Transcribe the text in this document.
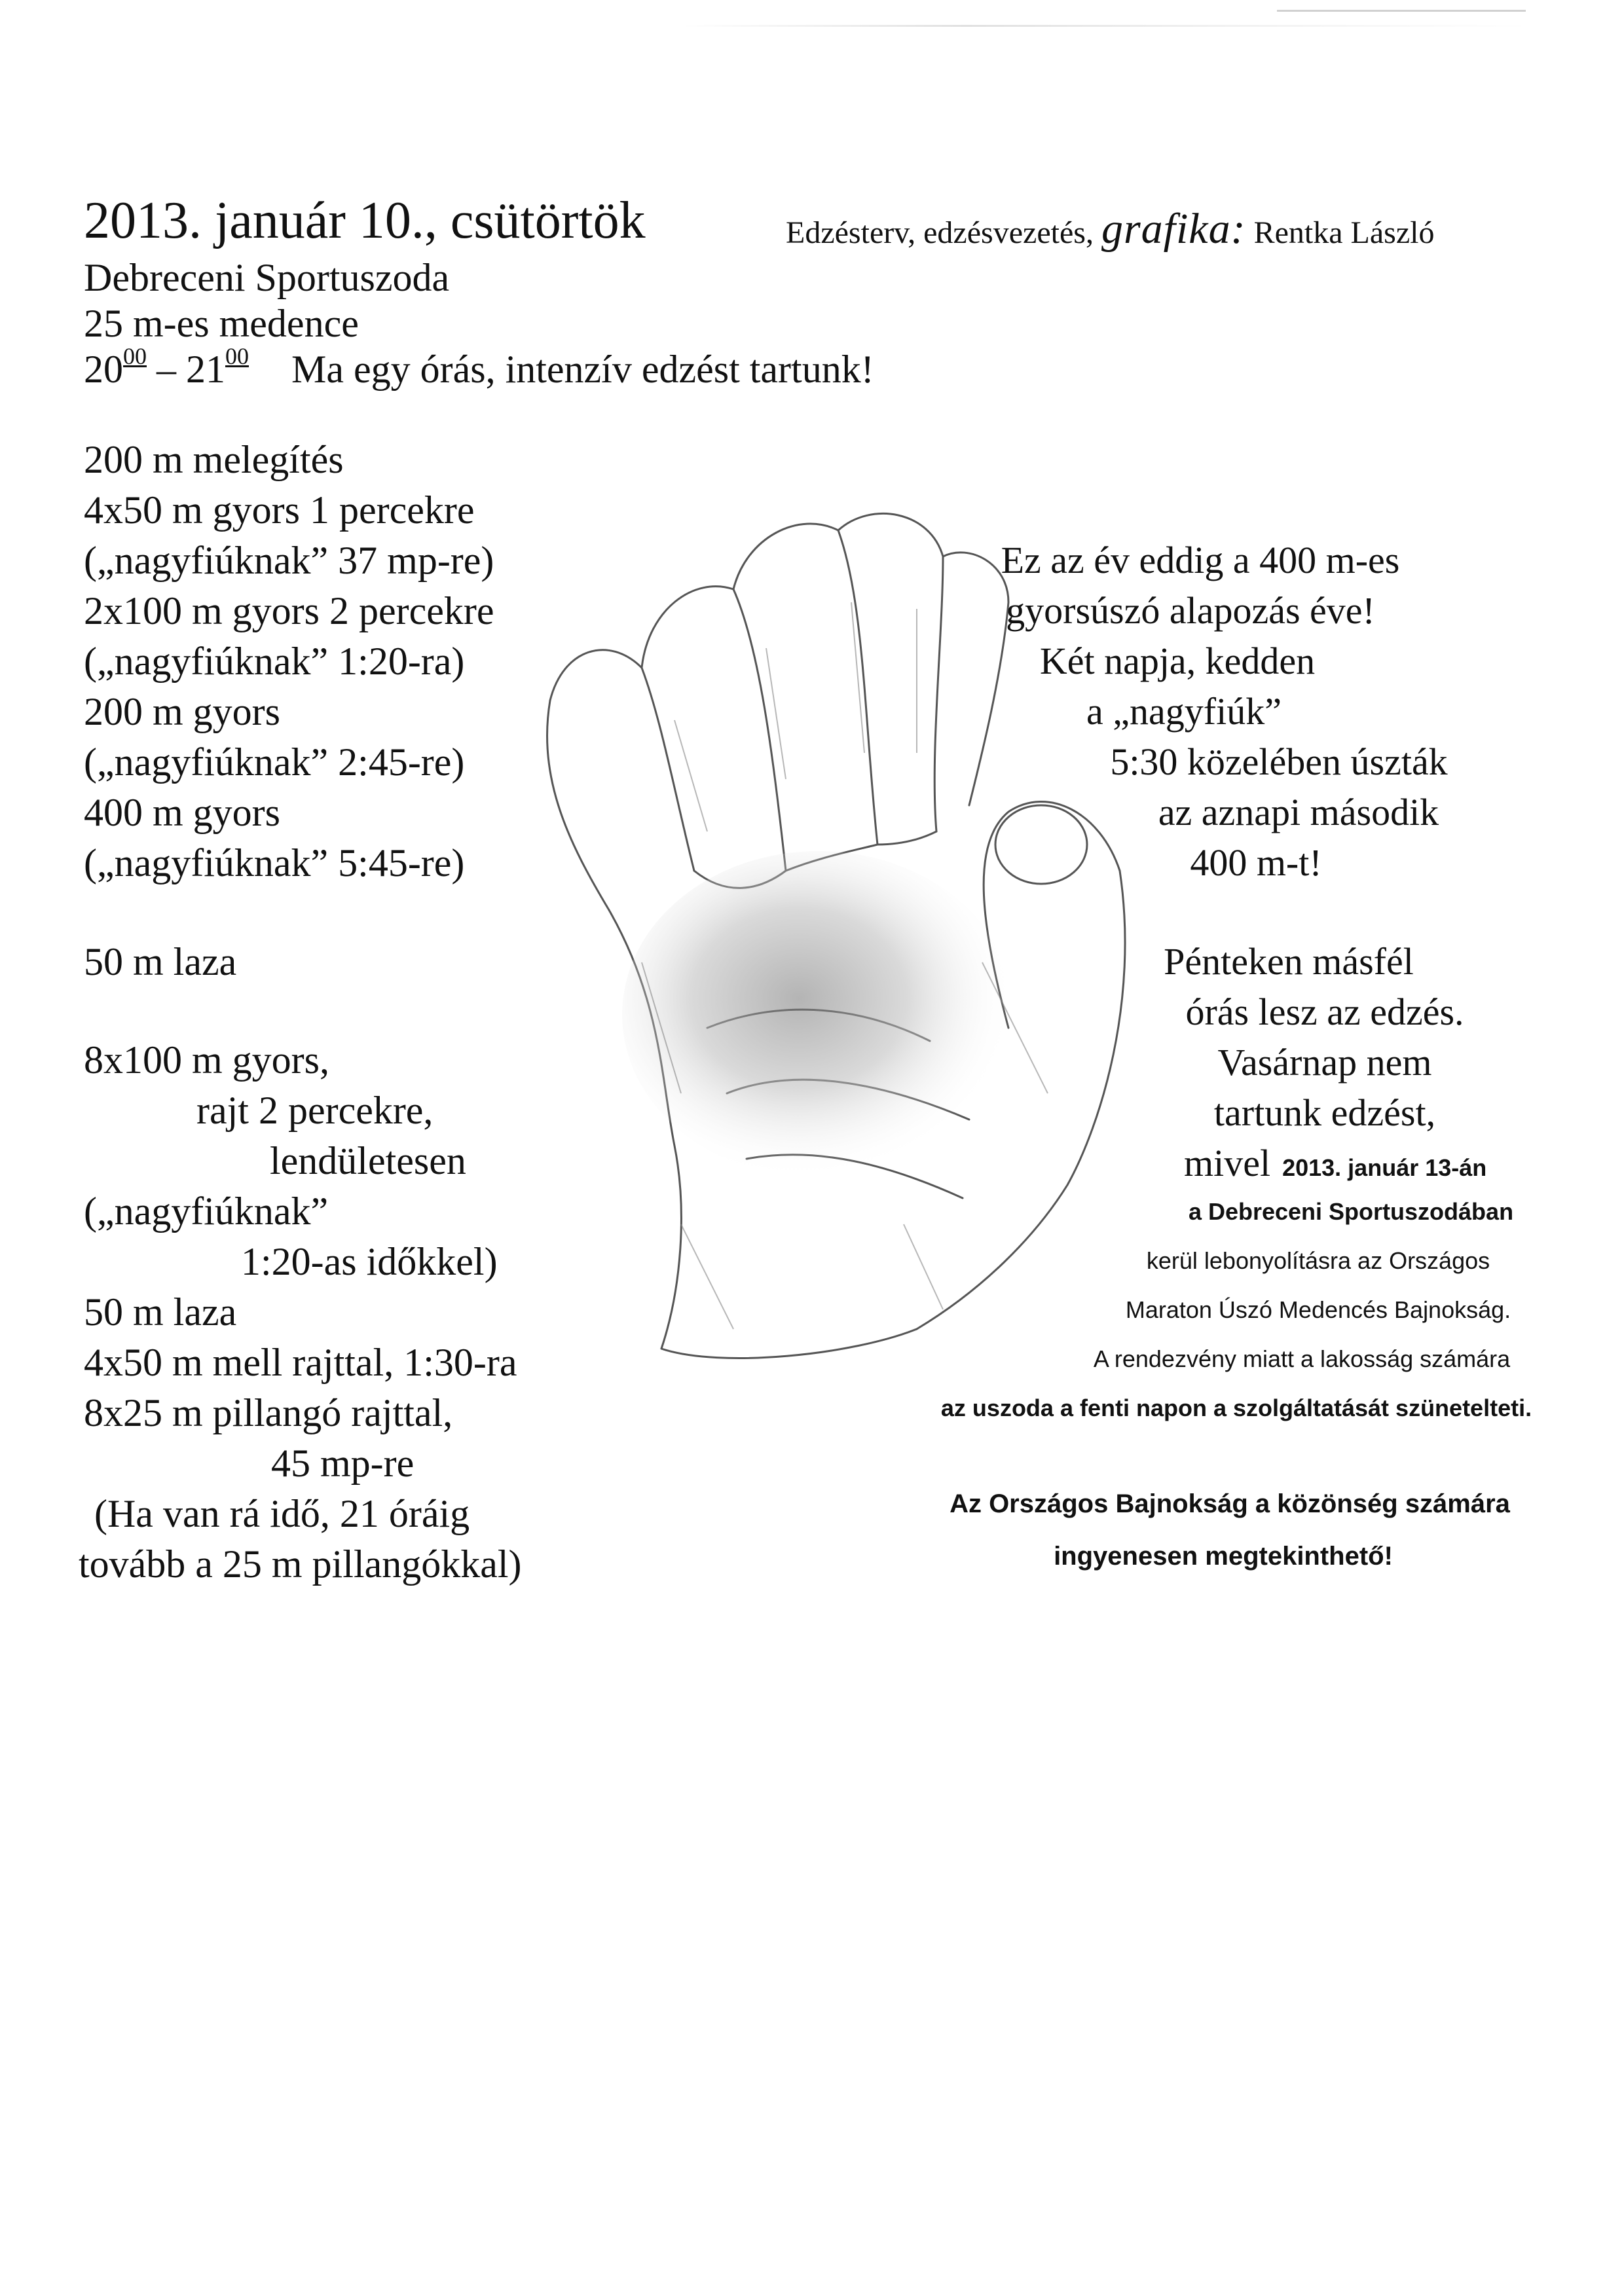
2013. január 10., csütörtök	Edzésterv, edzésvezetés, grafika: Rentka László
Debreceni Sportuszoda
25 m-es medence
$20^{00} - 21^{00}$ Ma egy órás, intenzív edzést tartunk!
200 m melegítés
4x50 m gyors 1 percekre
(„nagyfiúknak” 37 mp-re)
2x100 m gyors 2 percekre
(„nagyfiúknak” 1:20-ra)
200 m gyors
(„nagyfiúknak” 2:45-re)
400 m gyors
(„nagyfiúknak” 5:45-re)
50 m laza
8x100 m gyors,
rajt 2 percekre,
lendületesen
(„nagyfiúknak”
1:20-as időkkel)
50 m laza
4x50 m mell rajttal, 1:30-ra
8x25 m pillangó rajttal,
45 mp-re
(Ha van rá idő, 21 óráig
tovább a 25 m pillangókkal)
Ez az év eddig a 400 m-es
gyorsúszó alapozás éve!
Két napja, kedden
a „nagyfiúk”
5:30 közelében úszták
az aznapi második
400 m-t!
Pénteken másfél
órás lesz az edzés.
Vasárnap nem
tartunk edzést,
mivel 2013. január 13-án
a Debreceni Sportuszodában
kerül lebonyolításra az Országos
Maraton Úszó Medencés Bajnokság.
A rendezvény miatt a lakosság számára
az uszoda a fenti napon a szolgáltatását szünetelteti.
Az Országos Bajnokság a közönség számára
ingyenesen megtekinthető!
